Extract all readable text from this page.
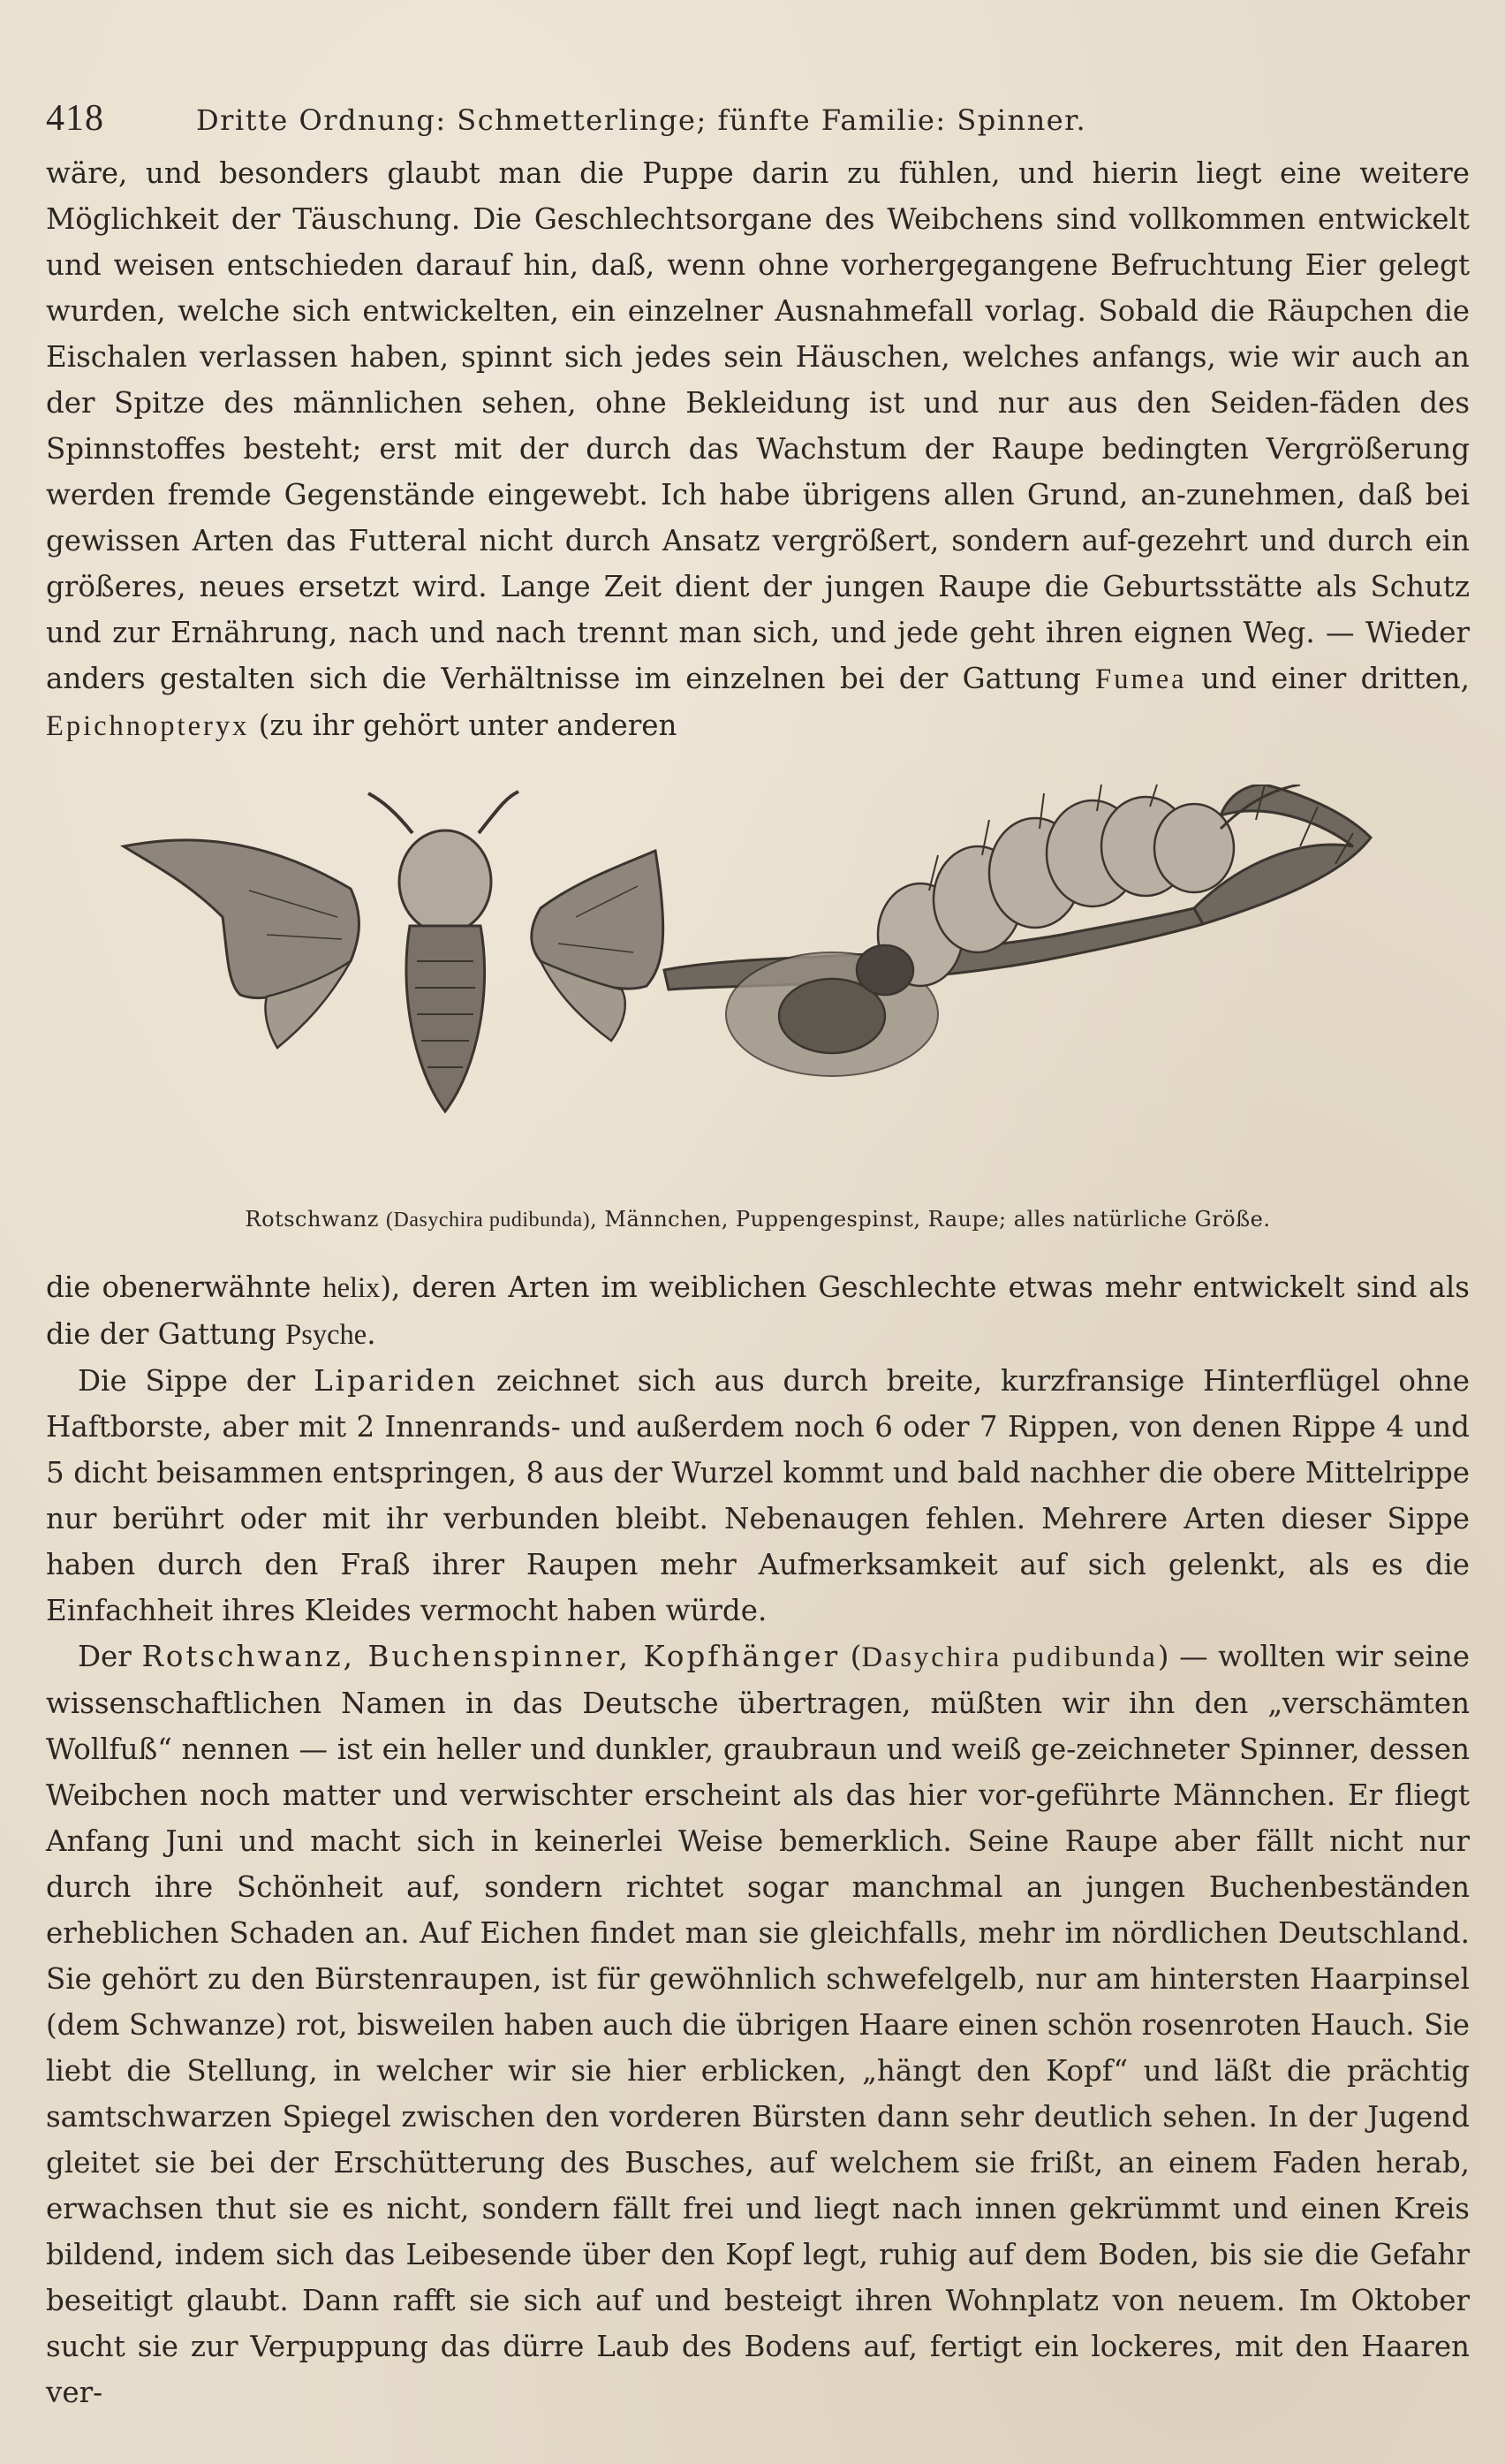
418	Dritte Ordnung: Schmetterlinge; fünfte Familie: Spinner.

wäre, und besonders glaubt man die Puppe darin zu fühlen, und hierin liegt eine weitere Möglichkeit der Täuschung. Die Geschlechtsorgane des Weibchens sind vollkommen entwickelt und weisen entschieden darauf hin, daß, wenn ohne vorhergegangene Befruchtung Eier gelegt wurden, welche sich entwickelten, ein einzelner Ausnahmefall vorlag. Sobald die Räupchen die Eischalen verlassen haben, spinnt sich jedes sein Häuschen, welches anfangs, wie wir auch an der Spitze des männlichen sehen, ohne Bekleidung ist und nur aus den Seiden-fäden des Spinnstoffes besteht; erst mit der durch das Wachstum der Raupe bedingten Vergrößerung werden fremde Gegenstände eingewebt. Ich habe übrigens allen Grund, an-zunehmen, daß bei gewissen Arten das Futteral nicht durch Ansatz vergrößert, sondern auf-gezehrt und durch ein größeres, neues ersetzt wird. Lange Zeit dient der jungen Raupe die Geburtsstätte als Schutz und zur Ernährung, nach und nach trennt man sich, und jede geht ihren eignen Weg. — Wieder anders gestalten sich die Verhältnisse im einzelnen bei der Gattung Fumea und einer dritten, Epichnopteryx (zu ihr gehört unter anderen

Rotschwanz (Dasychira pudibunda), Männchen, Puppengespinst, Raupe; alles natürliche Größe.

die obenerwähnte helix), deren Arten im weiblichen Geschlechte etwas mehr entwickelt sind als die der Gattung Psyche.

Die Sippe der Lipariden zeichnet sich aus durch breite, kurzfransige Hinterflügel ohne Haftborste, aber mit 2 Innenrands- und außerdem noch 6 oder 7 Rippen, von denen Rippe 4 und 5 dicht beisammen entspringen, 8 aus der Wurzel kommt und bald nachher die obere Mittelrippe nur berührt oder mit ihr verbunden bleibt. Nebenaugen fehlen. Mehrere Arten dieser Sippe haben durch den Fraß ihrer Raupen mehr Aufmerksamkeit auf sich gelenkt, als es die Einfachheit ihres Kleides vermocht haben würde.

Der Rotschwanz, Buchenspinner, Kopfhänger (Dasychira pudibunda) — wollten wir seine wissenschaftlichen Namen in das Deutsche übertragen, müßten wir ihn den „verschämten Wollfuß“ nennen — ist ein heller und dunkler, graubraun und weiß ge-zeichneter Spinner, dessen Weibchen noch matter und verwischter erscheint als das hier vor-geführte Männchen. Er fliegt Anfang Juni und macht sich in keinerlei Weise bemerklich. Seine Raupe aber fällt nicht nur durch ihre Schönheit auf, sondern richtet sogar manchmal an jungen Buchenbeständen erheblichen Schaden an. Auf Eichen findet man sie gleichfalls, mehr im nördlichen Deutschland. Sie gehört zu den Bürstenraupen, ist für gewöhnlich schwefelgelb, nur am hintersten Haarpinsel (dem Schwanze) rot, bisweilen haben auch die übrigen Haare einen schön rosenroten Hauch. Sie liebt die Stellung, in welcher wir sie hier erblicken, „hängt den Kopf“ und läßt die prächtig samtschwarzen Spiegel zwischen den vorderen Bürsten dann sehr deutlich sehen. In der Jugend gleitet sie bei der Erschütterung des Busches, auf welchem sie frißt, an einem Faden herab, erwachsen thut sie es nicht, sondern fällt frei und liegt nach innen gekrümmt und einen Kreis bildend, indem sich das Leibesende über den Kopf legt, ruhig auf dem Boden, bis sie die Gefahr beseitigt glaubt. Dann rafft sie sich auf und besteigt ihren Wohnplatz von neuem. Im Oktober sucht sie zur Verpuppung das dürre Laub des Bodens auf, fertigt ein lockeres, mit den Haaren ver-
